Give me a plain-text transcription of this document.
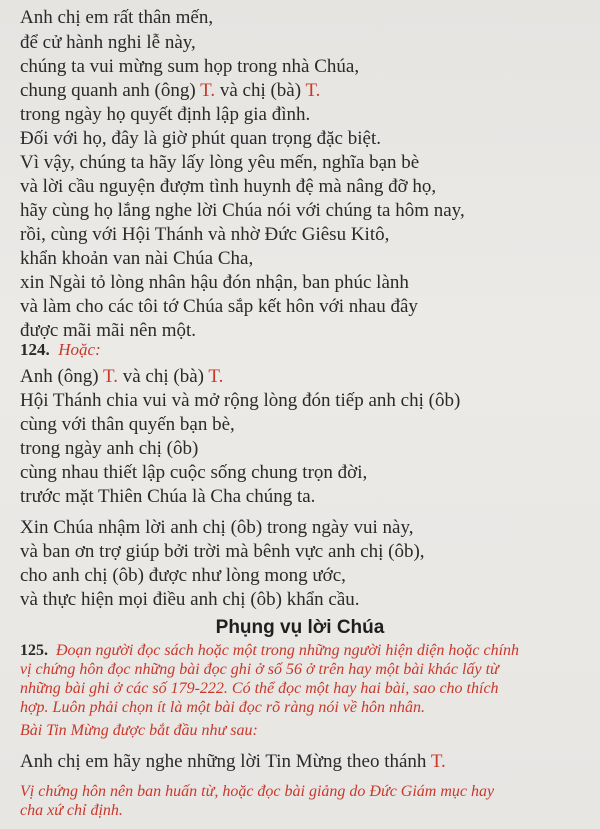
Anh chị em rất thân mến,
để cử hành nghi lễ này,
chúng ta vui mừng sum họp trong nhà Chúa,
chung quanh anh (ông) T. và chị (bà) T.
trong ngày họ quyết định lập gia đình.
Đối với họ, đây là giờ phút quan trọng đặc biệt.
Vì vậy, chúng ta hãy lấy lòng yêu mến, nghĩa bạn bè
và lời cầu nguyện đượm tình huynh đệ mà nâng đỡ họ,
hãy cùng họ lắng nghe lời Chúa nói với chúng ta hôm nay,
rồi, cùng với Hội Thánh và nhờ Đức Giêsu Kitô,
khẩn khoản van nài Chúa Cha,
xin Ngài tỏ lòng nhân hậu đón nhận, ban phúc lành
và làm cho các tôi tớ Chúa sắp kết hôn với nhau đây
được mãi mãi nên một.
124. Hoặc:
Anh (ông) T. và chị (bà) T.
Hội Thánh chia vui và mở rộng lòng đón tiếp anh chị (ôb)
cùng với thân quyến bạn bè,
trong ngày anh chị (ôb)
cùng nhau thiết lập cuộc sống chung trọn đời,
trước mặt Thiên Chúa là Cha chúng ta.
Xin Chúa nhậm lời anh chị (ôb) trong ngày vui này,
và ban ơn trợ giúp bởi trời mà bênh vực anh chị (ôb),
cho anh chị (ôb) được như lòng mong ước,
và thực hiện mọi điều anh chị (ôb) khẩn cầu.
Phụng vụ lời Chúa
125. Đoạn người đọc sách hoặc một trong những người hiện diện hoặc chính
vị chứng hôn đọc những bài đọc ghi ở số 56 ở trên hay một bài khác lấy từ
những bài ghi ở các số 179-222. Có thể đọc một hay hai bài, sao cho thích
hợp. Luôn phải chọn ít là một bài đọc rõ ràng nói về hôn nhân.
Bài Tin Mừng được bắt đầu như sau:
Anh chị em hãy nghe những lời Tin Mừng theo thánh T.
Vị chứng hôn nên ban huấn từ, hoặc đọc bài giảng do Đức Giám mục hay
cha xứ chỉ định.
